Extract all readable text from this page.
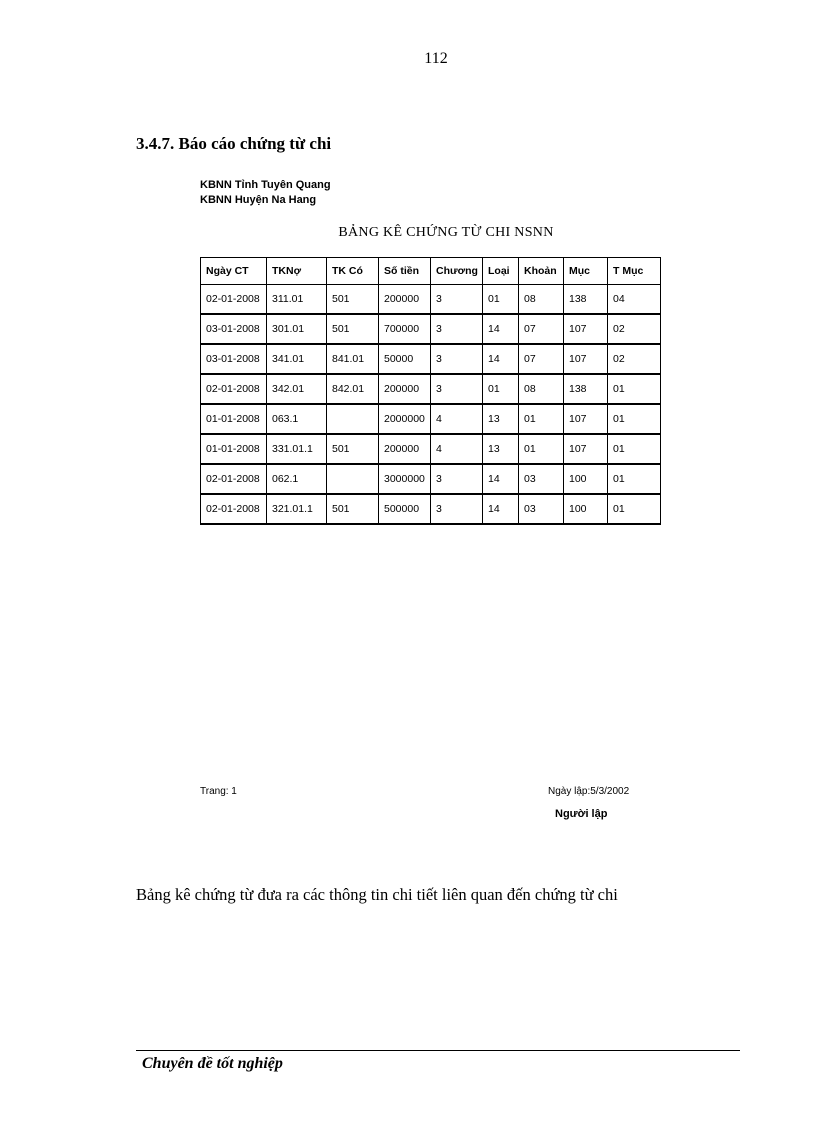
112
3.4.7. Báo cáo chứng từ chi
KBNN Tỉnh Tuyên Quang
KBNN Huyện Na Hang
BẢNG KÊ CHỨNG TỪ CHI NSNN
Ngày CT	TKNợ	TK Có	Số tiền	Chương	Loại	Khoản	Mục	T Mục
02-01-2008	311.01	501	200000	3	01	08	138	04
03-01-2008	301.01	501	700000	3	14	07	107	02
03-01-2008	341.01	841.01	50000	3	14	07	107	02
02-01-2008	342.01	842.01	200000	3	01	08	138	01
01-01-2008	063.1		2000000	4	13	01	107	01
01-01-2008	331.01.1	501	200000	4	13	01	107	01
02-01-2008	062.1		3000000	3	14	03	100	01
02-01-2008	321.01.1	501	500000	3	14	03	100	01
Trang: 1	Ngày lập:5/3/2002
Người lập
Bảng kê chứng từ đưa ra các thông tin chi tiết liên quan đến chứng từ chi
Chuyên đề tốt nghiệp
